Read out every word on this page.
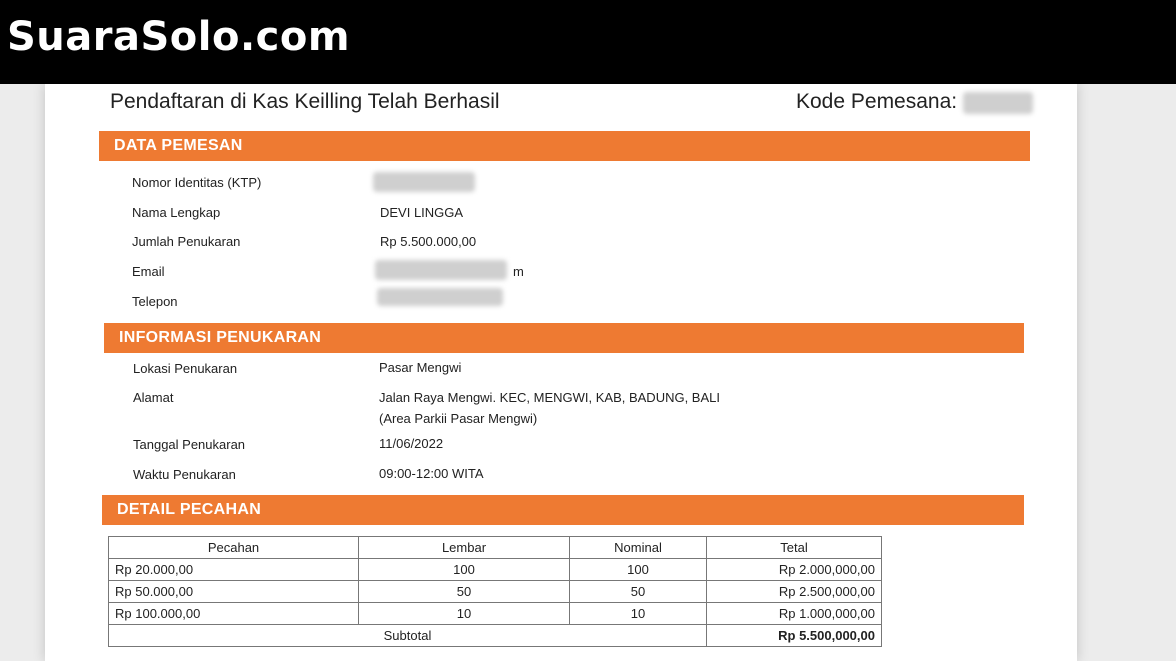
SuaraSolo.com
Pendaftaran di Kas Keilling Telah Berhasil	Kode Pemesana:
DATA PEMESAN
Nomor Identitas (KTP)
Nama Lengkap	DEVI LINGGA
Jumlah Penukaran	Rp 5.500.000,00
Email	m
Telepon
INFORMASI PENUKARAN
Lokasi Penukaran	Pasar Mengwi
Alamat	Jalan Raya Mengwi. KEC, MENGWI, KAB, BADUNG, BALI
(Area Parkii Pasar Mengwi)
Tanggal Penukaran	11/06/2022
Waktu Penukaran	09:00-12:00 WITA
DETAIL PECAHAN
Pecahan	Lembar	Nominal	Tetal
Rp 20.000,00	100	100	Rp 2.000,000,00
Rp 50.000,00	50	50	Rp 2.500,000,00
Rp 100.000,00	10	10	Rp 1.000,000,00
Subtotal			Rp 5.500,000,00
